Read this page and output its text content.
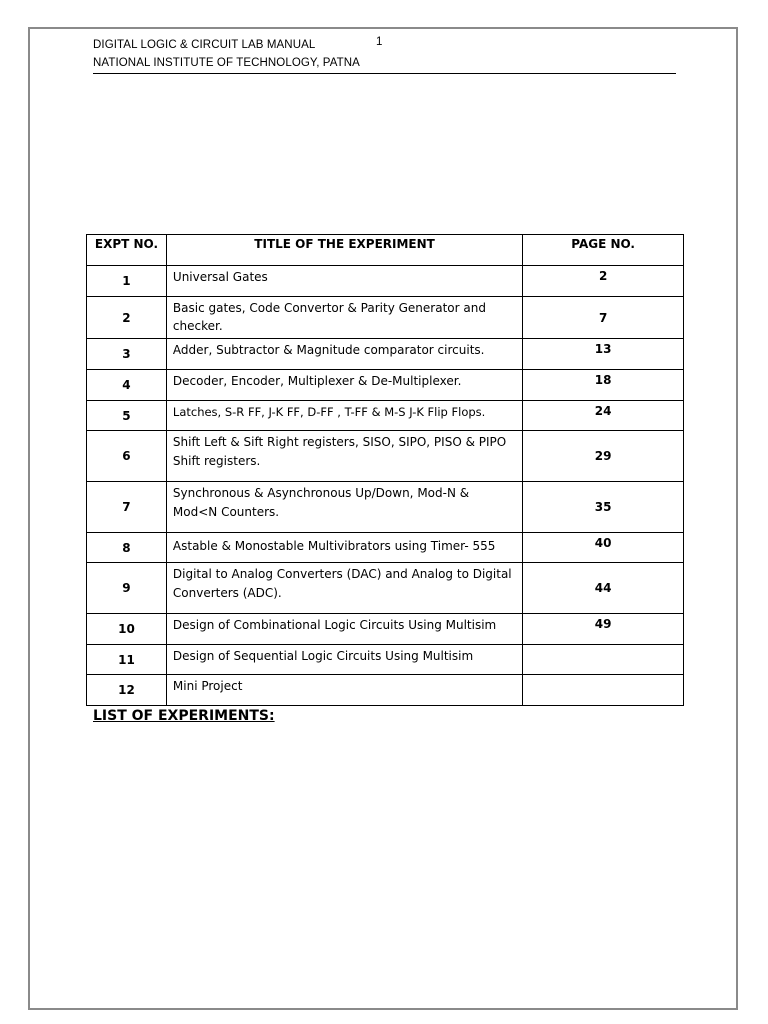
DIGITAL LOGIC & CIRCUIT LAB MANUAL	1
NATIONAL INSTITUTE OF TECHNOLOGY, PATNA
EXPT NO.	TITLE OF THE EXPERIMENT	PAGE NO.
1	Universal Gates	2
2	Basic gates, Code Convertor & Parity Generator and checker.	7
3	Adder, Subtractor & Magnitude comparator circuits.	13
4	Decoder, Encoder, Multiplexer & De-Multiplexer.	18
5	Latches, S-R FF, J-K FF, D-FF , T-FF & M-S J-K Flip Flops.	24
6	Shift Left & Sift Right registers, SISO, SIPO, PISO & PIPO Shift registers.	29
7	Synchronous & Asynchronous Up/Down, Mod-N & Mod<N Counters.	35
8	Astable & Monostable Multivibrators using Timer- 555	40
9	Digital to Analog Converters (DAC) and Analog to Digital Converters (ADC).	44
10	Design of Combinational Logic Circuits Using Multisim	49
11	Design of Sequential Logic Circuits Using Multisim	
12	Mini Project	
LIST OF EXPERIMENTS:
